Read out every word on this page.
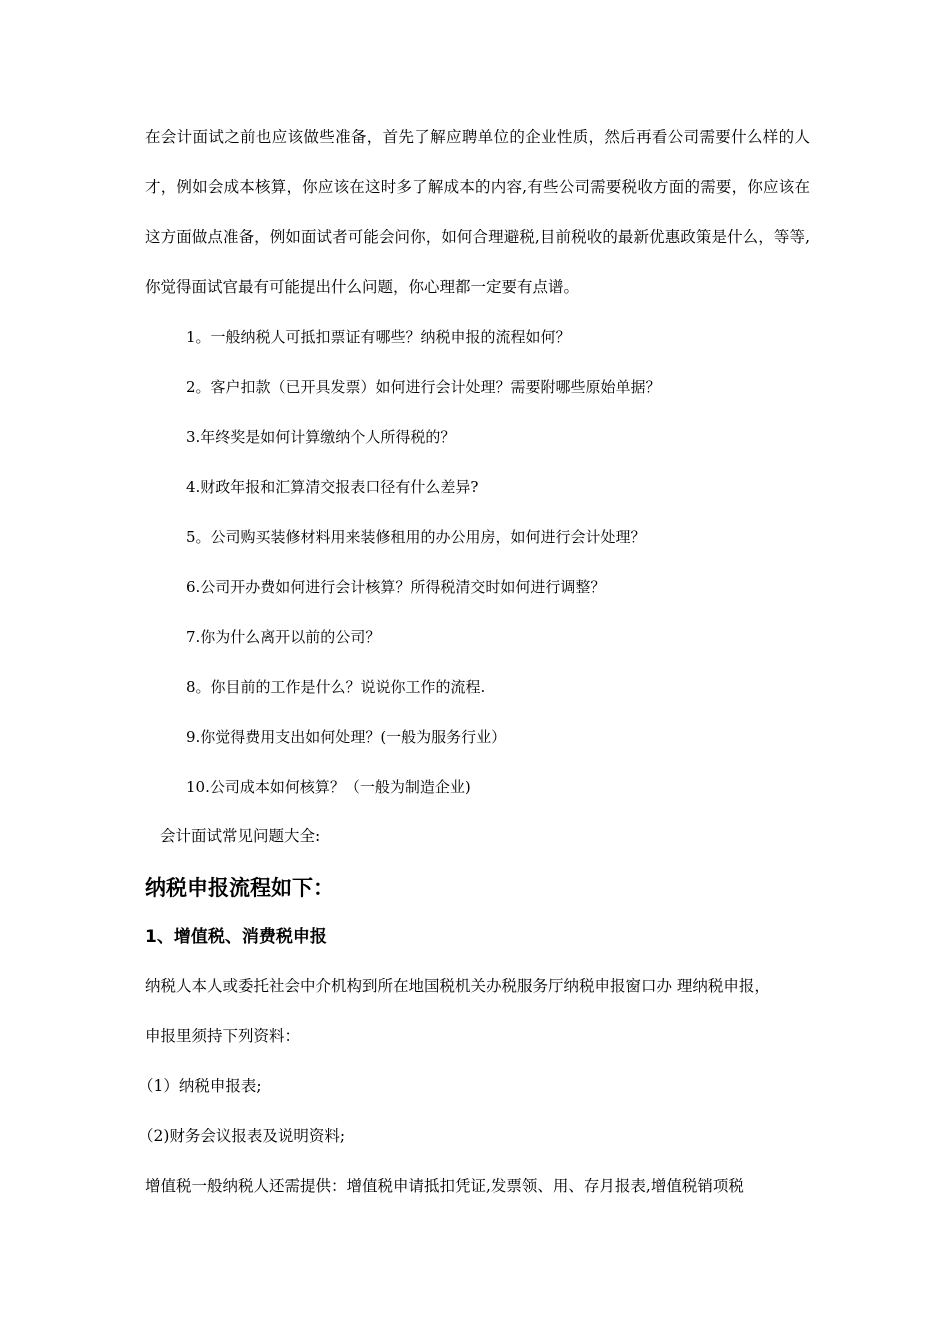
在会计面试之前也应该做些准备，首先了解应聘单位的企业性质，然后再看公司需要什么样的人才，例如会成本核算，你应该在这时多了解成本的内容,有些公司需要税收方面的需要，你应该在这方面做点准备，例如面试者可能会问你，如何合理避税,目前税收的最新优惠政策是什么，等等,你觉得面试官最有可能提出什么问题，你心理都一定要有点谱。

1。一般纳税人可抵扣票证有哪些？纳税申报的流程如何？

2。客户扣款（已开具发票）如何进行会计处理？需要附哪些原始单据？

3.年终奖是如何计算缴纳个人所得税的？

4.财政年报和汇算清交报表口径有什么差异?

5。公司购买装修材料用来装修租用的办公用房，如何进行会计处理？

6.公司开办费如何进行会计核算？所得税清交时如何进行调整？

7.你为什么离开以前的公司？

8。你目前的工作是什么？说说你工作的流程.

9.你觉得费用支出如何处理？(一般为服务行业）

10.公司成本如何核算？（一般为制造企业)

会计面试常见问题大全:

纳税申报流程如下：
1、增值税、消费税申报

纳税人本人或委托社会中介机构到所在地国税机关办税服务厅纳税申报窗口办 理纳税申报，

申报里须持下列资料：

（1）纳税申报表;

（2)财务会议报表及说明资料;

增值税一般纳税人还需提供：增值税申请抵扣凭证,发票领、用、存月报表,增值税销项税
